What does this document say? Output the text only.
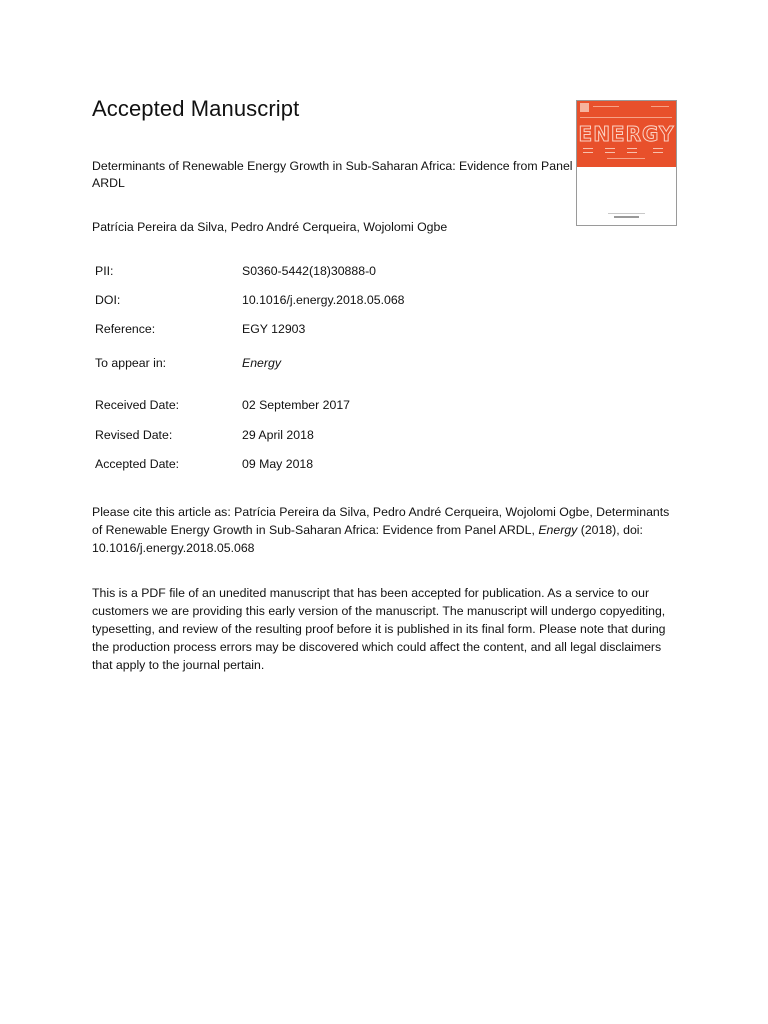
Accepted Manuscript

Determinants of Renewable Energy Growth in Sub-Saharan Africa: Evidence from Panel ARDL

Patrícia Pereira da Silva, Pedro André Cerqueira, Wojolomi Ogbe

PII:	S0360-5442(18)30888-0
DOI:	10.1016/j.energy.2018.05.068
Reference:	EGY 12903
To appear in:	Energy
Received Date:	02 September 2017
Revised Date:	29 April 2018
Accepted Date:	09 May 2018

Please cite this article as: Patrícia Pereira da Silva, Pedro André Cerqueira, Wojolomi Ogbe, Determinants of Renewable Energy Growth in Sub-Saharan Africa: Evidence from Panel ARDL, Energy (2018), doi: 10.1016/j.energy.2018.05.068

This is a PDF file of an unedited manuscript that has been accepted for publication. As a service to our customers we are providing this early version of the manuscript. The manuscript will undergo copyediting, typesetting, and review of the resulting proof before it is published in its final form. Please note that during the production process errors may be discovered which could affect the content, and all legal disclaimers that apply to the journal pertain.

ENERGY
